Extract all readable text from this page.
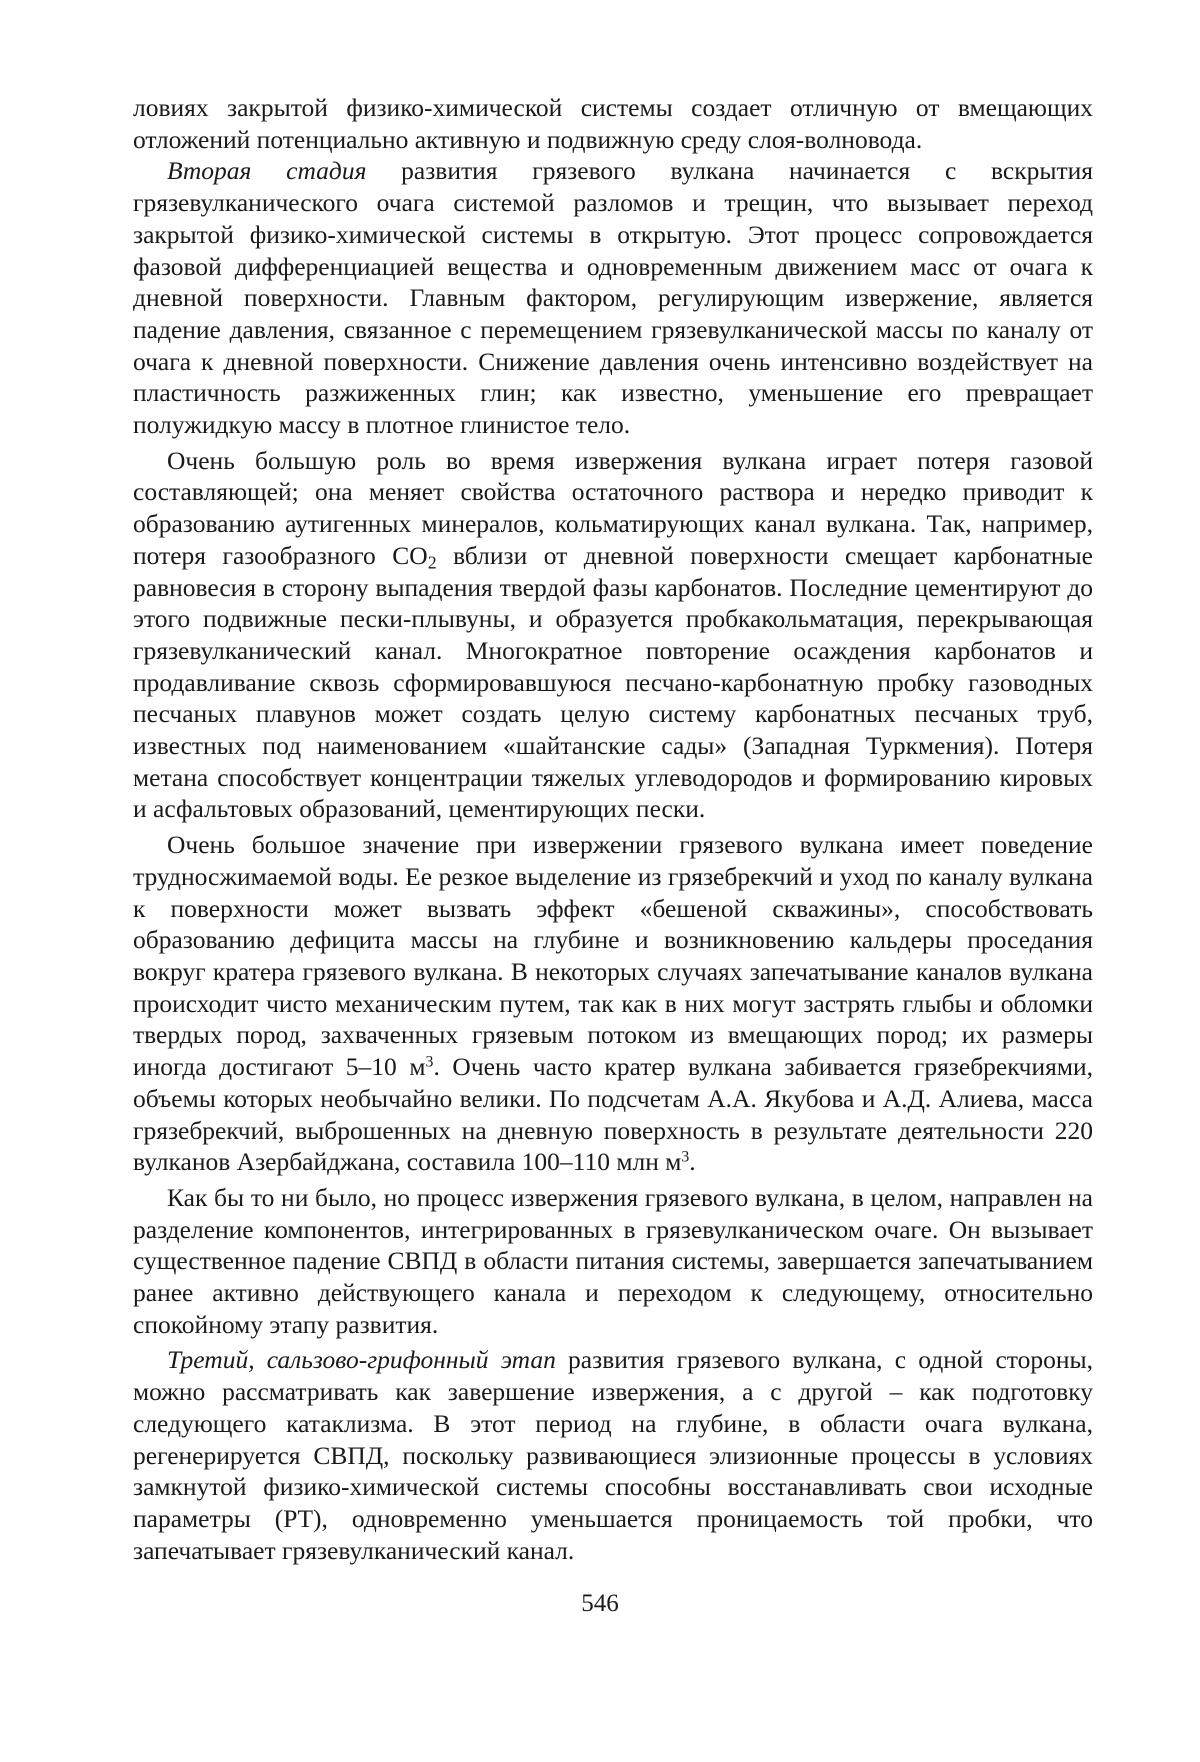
ловиях закрытой физико-химической системы создает отличную от вмещающих отложений потенциально активную и подвижную среду слоя-волновода.

Вторая стадия развития грязевого вулкана начинается с вскрытия грязевулканического очага системой разломов и трещин, что вызывает переход закрытой физико-химической системы в открытую. Этот процесс сопровождается фазовой дифференциацией вещества и одновременным движением масс от очага к дневной поверхности. Главным фактором, регулирующим извержение, является падение давления, связанное с перемещением грязевулканической массы по каналу от очага к дневной поверхности. Снижение давления очень интенсивно воздействует на пластичность разжиженных глин; как известно, уменьшение его превращает полужидкую массу в плотное глинистое тело.

Очень большую роль во время извержения вулкана играет потеря газовой составляющей; она меняет свойства остаточного раствора и нередко приводит к образованию аутигенных минералов, кольматирующих канал вулкана. Так, например, потеря газообразного СО2 вблизи от дневной поверхности смещает карбонатные равновесия в сторону выпадения твердой фазы карбонатов. Последние цементируют до этого подвижные пески-плывуны, и образуется пробкакольматация, перекрывающая грязевулканический канал. Многократное повторение осаждения карбонатов и продавливание сквозь сформировавшуюся песчано-карбонатную пробку газоводных песчаных плавунов может создать целую систему карбонатных песчаных труб, известных под наименованием «шайтанские сады» (Западная Туркмения). Потеря метана способствует концентрации тяжелых углеводородов и формированию кировых и асфальтовых образований, цементирующих пески.

Очень большое значение при извержении грязевого вулкана имеет поведение трудносжимаемой воды. Ее резкое выделение из грязебрекчий и уход по каналу вулкана к поверхности может вызвать эффект «бешеной скважины», способствовать образованию дефицита массы на глубине и возникновению кальдеры проседания вокруг кратера грязевого вулкана. В некоторых случаях запечатывание каналов вулкана происходит чисто механическим путем, так как в них могут застрять глыбы и обломки твердых пород, захваченных грязевым потоком из вмещающих пород; их размеры иногда достигают 5–10 м3. Очень часто кратер вулкана забивается грязебрекчиями, объемы которых необычайно велики. По подсчетам А.А. Якубова и А.Д. Алиева, масса грязебрекчий, выброшенных на дневную поверхность в результате деятельности 220 вулканов Азербайджана, составила 100–110 млн м3.

Как бы то ни было, но процесс извержения грязевого вулкана, в целом, направлен на разделение компонентов, интегрированных в грязевулканическом очаге. Он вызывает существенное падение СВПД в области питания системы, завершается запечатыванием ранее активно действующего канала и переходом к следующему, относительно спокойному этапу развития.

Третий, сальзово-грифонный этап развития грязевого вулкана, с одной стороны, можно рассматривать как завершение извержения, а с другой – как подготовку следующего катаклизма. В этот период на глубине, в области очага вулкана, регенерируется СВПД, поскольку развивающиеся элизионные процессы в условиях замкнутой физико-химической системы способны восстанавливать свои исходные параметры (PT), одновременно уменьшается проницаемость той пробки, что запечатывает грязевулканический канал.

546
